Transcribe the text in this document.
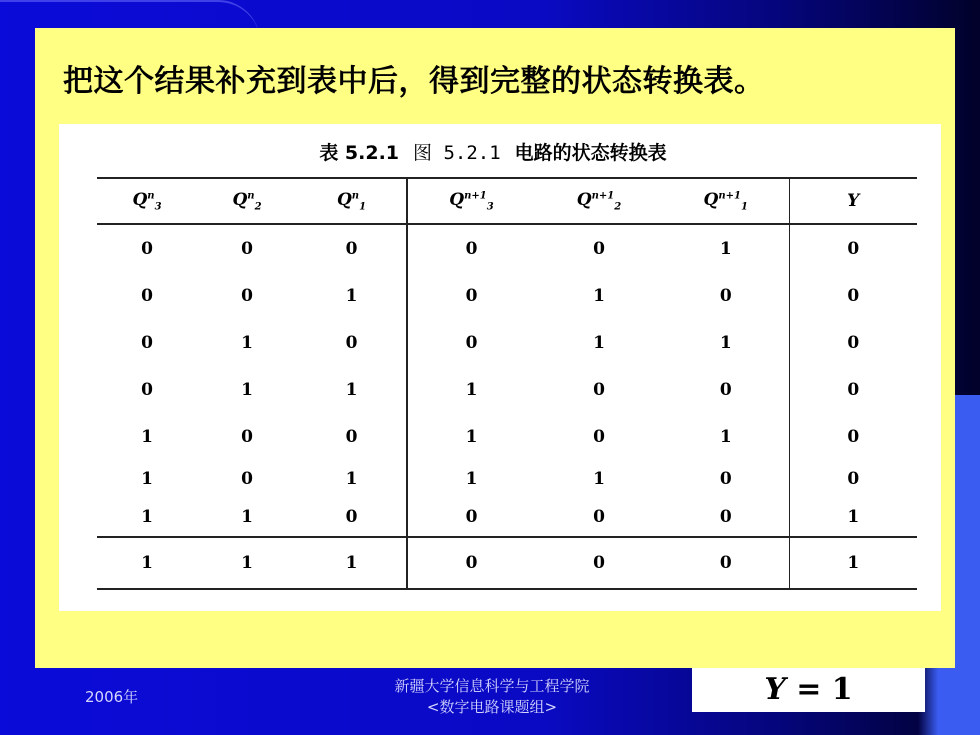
把这个结果补充到表中后，得到完整的状态转换表。
表 5.2.1 图 5.2.1 电路的状态转换表
$Q^n_3$	$Q^n_2$	$Q^n_1$	$Q^{n+1}_3$	$Q^{n+1}_2$	$Q^{n+1}_1$	Y
0	0	0	0	0	1	0
0	0	1	0	1	0	0
0	1	0	0	1	1	0
0	1	1	1	0	0	0
1	0	0	1	0	1	0
1	0	1	1	1	0	0
1	1	0	0	0	0	1
1	1	1	0	0	0	1
2006年
新疆大学信息科学与工程学院
<数字电路课题组>	Y = 1
